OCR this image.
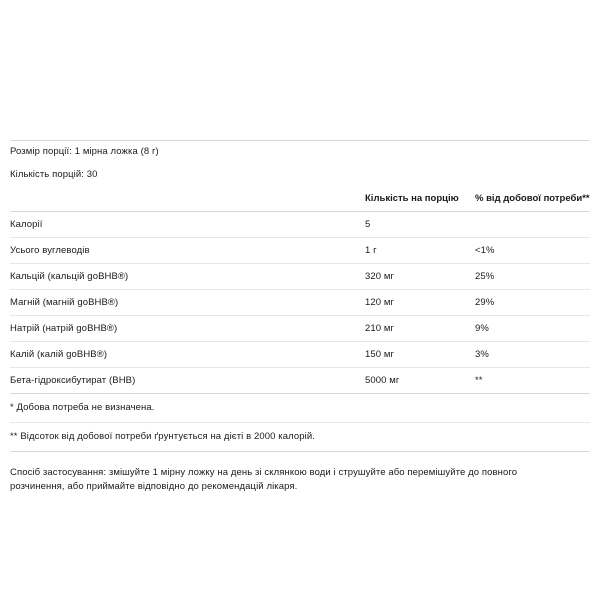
Розмір порції: 1 мірна ложка (8 г)
Кількість порцій: 30
	Кількість на порцію	% від добової потреби**
Калорії	5	
Усього вуглеводів	1 г	<1%
Кальцій (кальцій goBHB®)	320 мг	25%
Магній (магній goBHB®)	120 мг	29%
Натрій (натрій goBHB®)	210 мг	9%
Калій (калій goBHB®)	150 мг	3%
Бета-гідроксибутират (BHB)	5000 мг	**
* Добова потреба не визначена.
** Відсоток від добової потреби ґрунтується на дієті в 2000 калорій.
Спосіб застосування: змішуйте 1 мірну ложку на день зі склянкою води і струшуйте або перемішуйте до повного розчинення, або приймайте відповідно до рекомендацій лікаря.
